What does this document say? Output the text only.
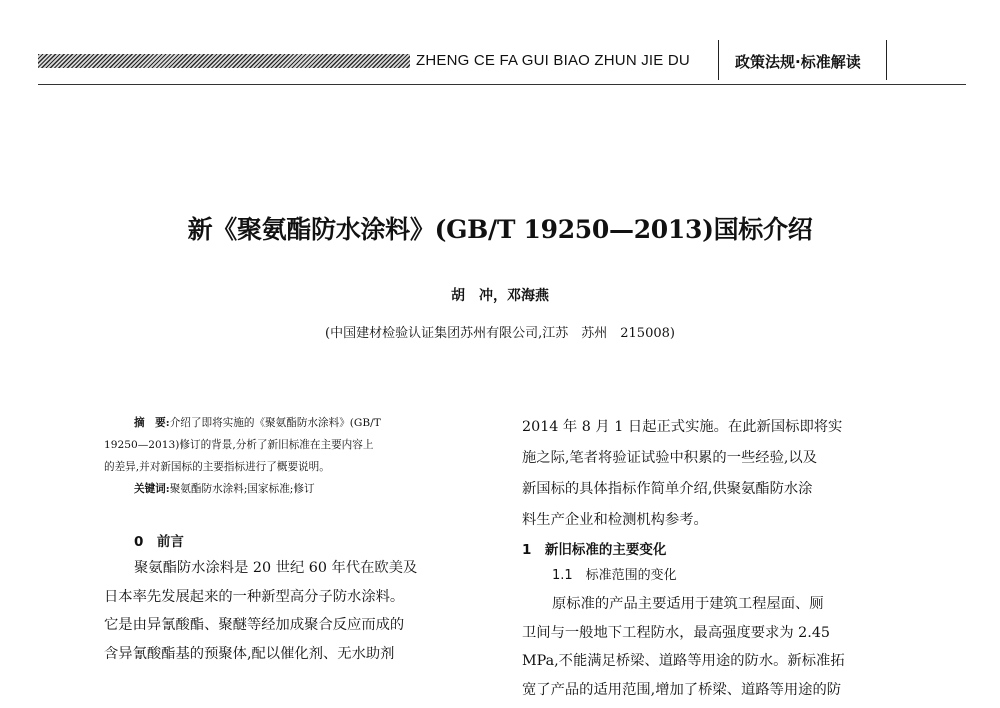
ZHENG CE FA GUI BIAO ZHUN JIE DU	政策法规·标准解读
新《聚氨酯防水涂料》(GB/T 19250—2013)国标介绍
胡　冲，邓海燕
(中国建材检验认证集团苏州有限公司,江苏　苏州　215008)

摘　要:介绍了即将实施的《聚氨酯防水涂料》(GB/T

19250—2013)修订的背景,分析了新旧标准在主要内容上

的差异,并对新国标的主要指标进行了概要说明。

关键词:聚氨酯防水涂料;国家标准;修订

0　前言

聚氨酯防水涂料是 20 世纪 60 年代在欧美及

日本率先发展起来的一种新型高分子防水涂料。

它是由异氰酸酯、聚醚等经加成聚合反应而成的

含异氰酸酯基的预聚体,配以催化剂、无水助剂

2014 年 8 月 1 日起正式实施。在此新国标即将实

施之际,笔者将验证试验中积累的一些经验,以及

新国标的具体指标作简单介绍,供聚氨酯防水涂

料生产企业和检测机构参考。

1　新旧标准的主要变化

1.1　标准范围的变化

原标准的产品主要适用于建筑工程屋面、厕

卫间与一般地下工程防水，最高强度要求为 2.45

MPa,不能满足桥梁、道路等用途的防水。新标准拓

宽了产品的适用范围,增加了桥梁、道路等用途的防
